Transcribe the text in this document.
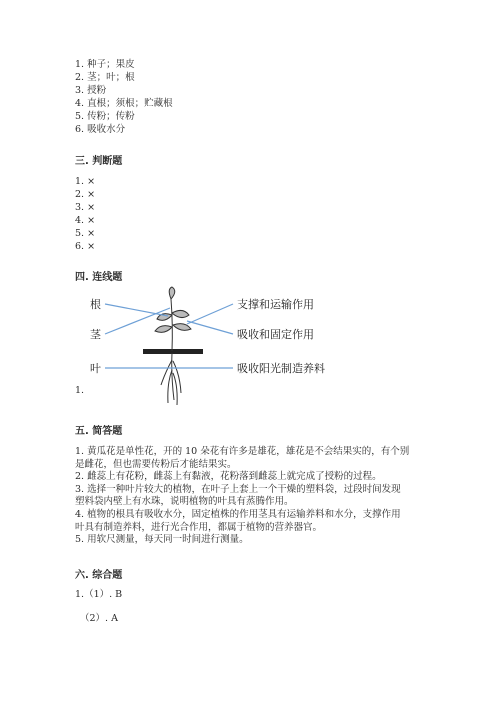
1. 种子；果皮
2. 茎；叶；根
3. 授粉
4. 直根；须根；贮藏根
5. 传粉；传粉
6. 吸收水分
三. 判断题
1. ×
2. ×
3. ×
4. ×
5. ×
6. ×
四. 连线题
根
茎
叶
支撑和运输作用
吸收和固定作用
吸收阳光制造养料
1.
五. 简答题
1. 黄瓜花是单性花，开的 10 朵花有许多是雄花，雄花是不会结果实的，有个别
是雌花，但也需要传粉后才能结果实。
2. 雌蕊上有花粉，雌蕊上有黏液，花粉落到雌蕊上就完成了授粉的过程。
3. 选择一种叶片较大的植物，在叶子上套上一个干燥的塑料袋，过段时间发现
塑料袋内壁上有水珠，说明植物的叶具有蒸腾作用。
4. 植物的根具有吸收水分，固定植株的作用茎具有运输养料和水分，支撑作用
叶具有制造养料，进行光合作用，都属于植物的营养器官。
5. 用软尺测量，每天同一时间进行测量。
六. 综合题
1.（1）. B
（2）. A
